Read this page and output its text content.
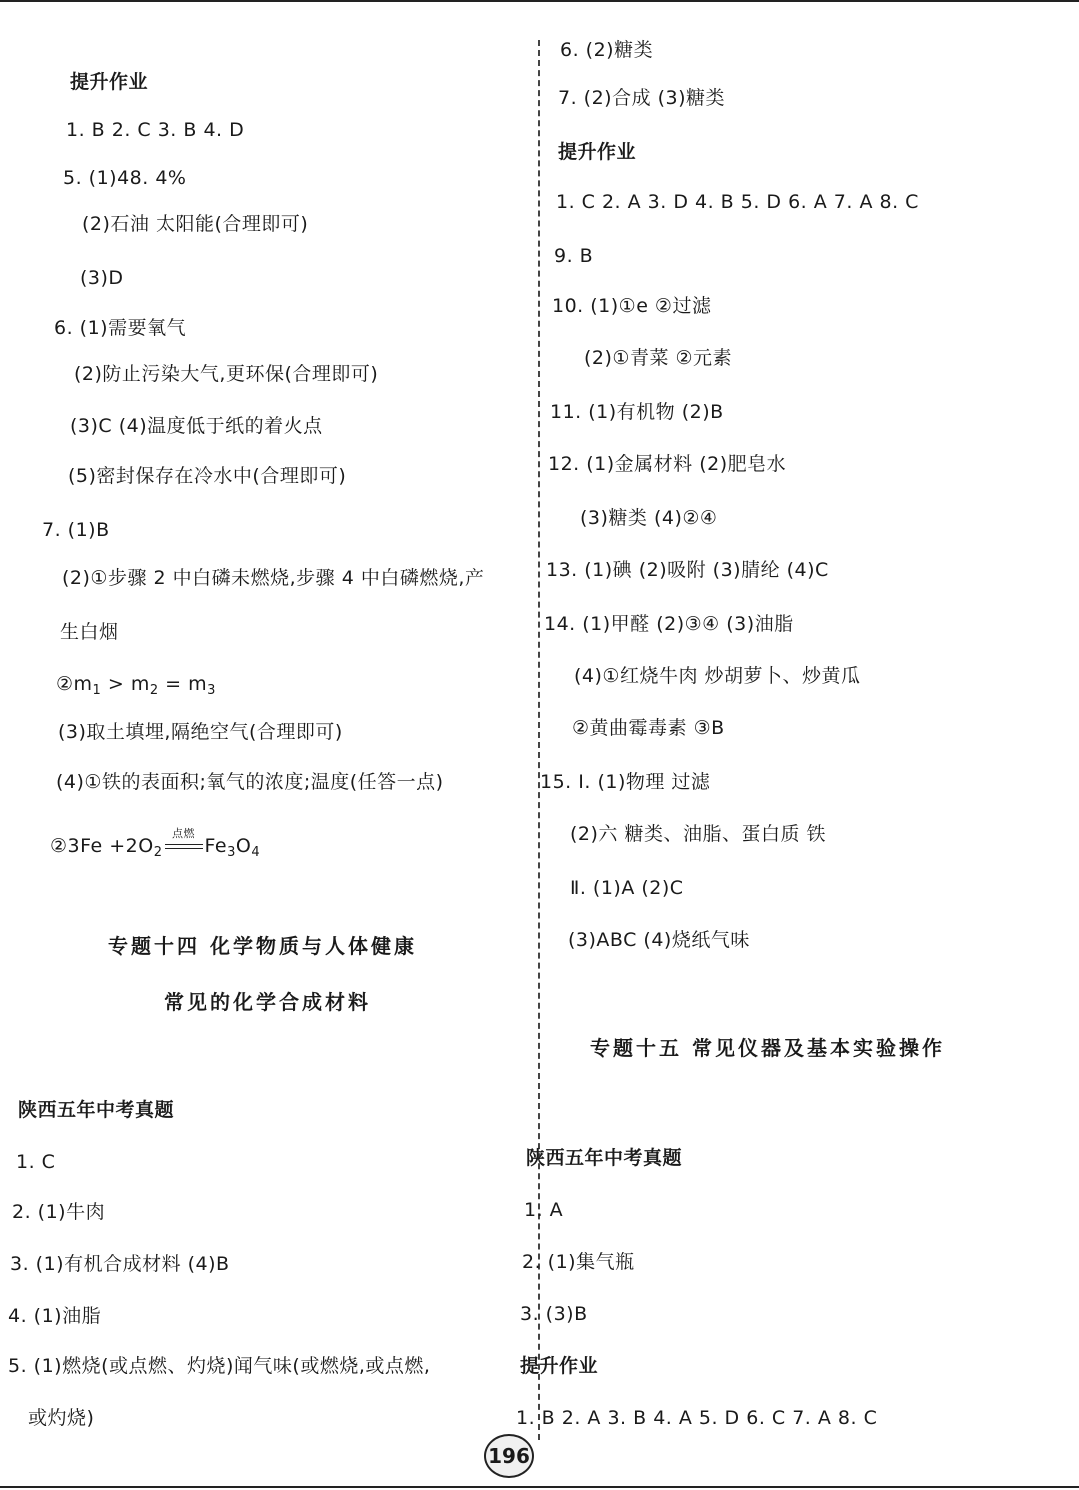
提升作业
1. B 2. C 3. B 4. D
5. (1)48. 4%
(2)石油 太阳能(合理即可)
(3)D
6. (1)需要氧气
(2)防止污染大气,更环保(合理即可)
(3)C (4)温度低于纸的着火点
(5)密封保存在冷水中(合理即可)
7. (1)B
(2)①步骤 2 中白磷未燃烧,步骤 4 中白磷燃烧,产
生白烟
$②m_1 > m_2 = m_3$
(3)取土填埋,隔绝空气(合理即可)
(4)①铁的表面积;氧气的浓度;温度(任答一点)
②3Fe $+2O_2$
点燃
$Fe_3O_4$
专题十四 化学物质与人体健康
常见的化学合成材料
陕西五年中考真题
1. C
2. (1)牛肉
3. (1)有机合成材料 (4)B
4. (1)油脂
5. (1)燃烧(或点燃、灼烧)闻气味(或燃烧,或点燃,
或灼烧)
6. (2)糖类
7. (2)合成 (3)糖类
提升作业
1. C 2. A 3. D 4. B 5. D 6. A 7. A 8. C
9. B
10. (1)①e ②过滤
(2)①青菜 ②元素
11. (1)有机物 (2)B
12. (1)金属材料 (2)肥皂水
(3)糖类 (4)②④
13. (1)碘 (2)吸附 (3)腈纶 (4)C
14. (1)甲醛 (2)③④ (3)油脂
(4)①红烧牛肉 炒胡萝卜、炒黄瓜
②黄曲霉毒素 ③B
15. Ⅰ. (1)物理 过滤
(2)六 糖类、油脂、蛋白质 铁
Ⅱ. (1)A (2)C
(3)ABC (4)烧纸气味
专题十五 常见仪器及基本实验操作
陕西五年中考真题
1. A
2. (1)集气瓶
3. (3)B
提升作业
1. B 2. A 3. B 4. A 5. D 6. C 7. A 8. C
196
